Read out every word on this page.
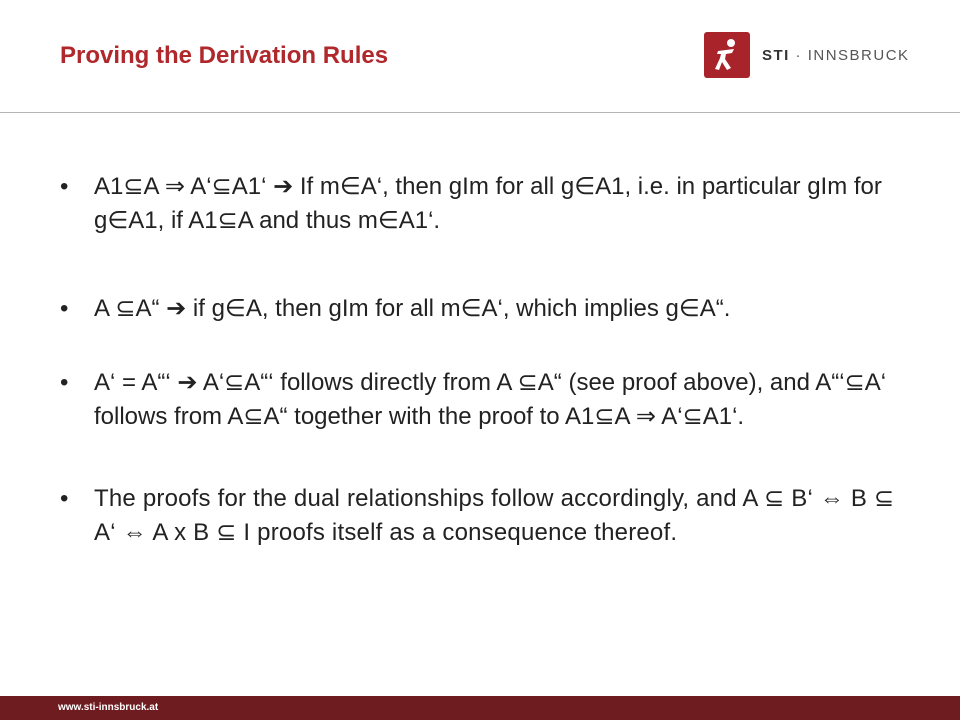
Proving the Derivation Rules	STI · INNSBRUCK
• A1⊆A ⇒ A‘⊆A1‘ ➔ If m∈A‘, then gIm for all g∈A1, i.e. in particular gIm for g∈A1, if A1⊆A and thus m∈A1‘.
• A ⊆A“ ➔ if g∈A, then gIm for all m∈A‘, which implies g∈A“.
• A‘ = A“‘ ➔ A‘⊆A“‘ follows directly from A ⊆A“ (see proof above), and A“‘⊆A‘ follows from A⊆A“ together with the proof to A1⊆A ⇒ A‘⊆A1‘.
• The proofs for the dual relationships follow accordingly, and A ⊆ B‘ ⇔ B ⊆ A‘ ⇔ A x B ⊆ I proofs itself as a consequence thereof.
www.sti-innsbruck.at
